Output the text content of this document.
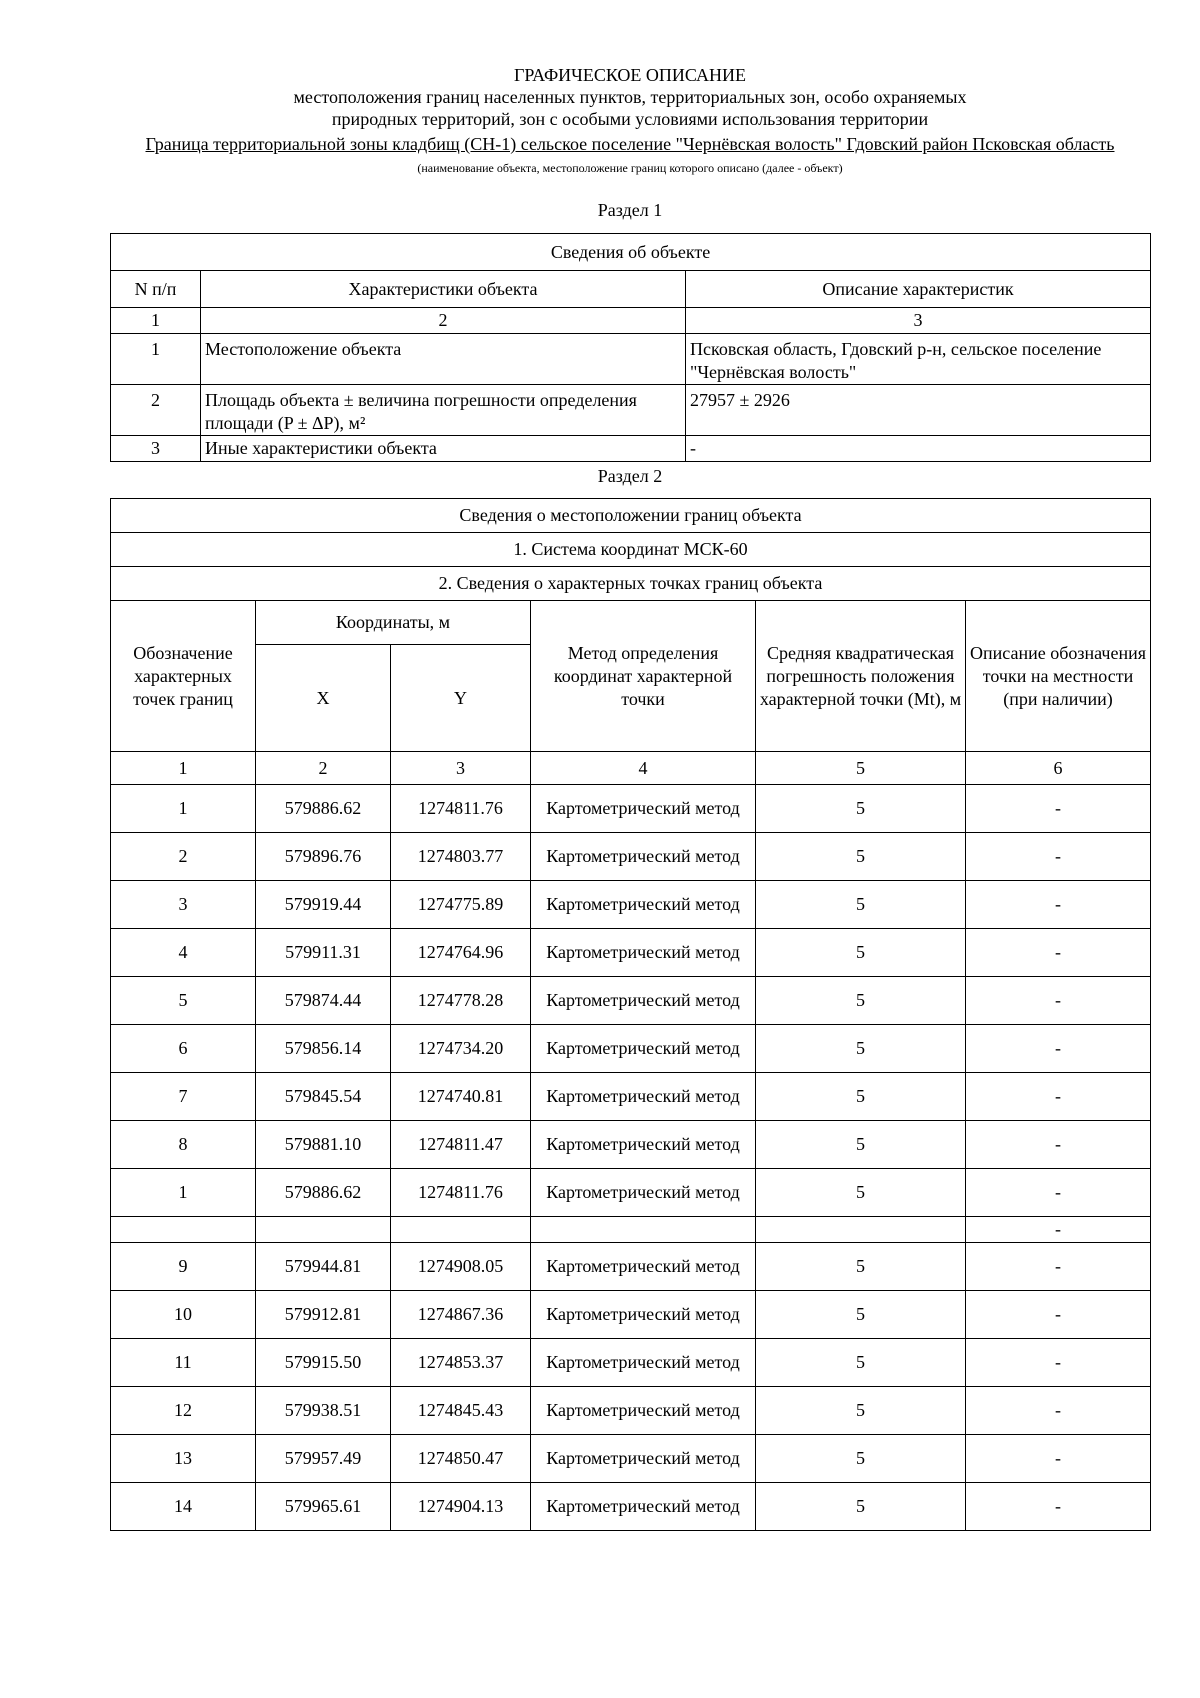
ГРАФИЧЕСКОЕ ОПИСАНИЕ
местоположения границ населенных пунктов, территориальных зон, особо охраняемых
природных территорий, зон с особыми условиями использования территории
Граница территориальной зоны кладбищ (СН-1) сельское поселение "Чернёвская волость" Гдовский район Псковская область
(наименование объекта, местоположение границ которого описано (далее - объект)
Раздел 1
Сведения об объекте		
N п/п	Характеристики объекта	Описание характеристик
1	2	3
1	Местоположение объекта	Псковская область, Гдовский р-н, сельское поселение "Чернёвская волость"
2	Площадь объекта ± величина погрешности определения площади (P ± ΔP), м²	27957 ± 2926
3	Иные характеристики объекта	-
Раздел 2
Сведения о местоположении границ объекта					
1. Система координат МСК-60					
2. Сведения о характерных точках границ объекта					
Обозначение характерных точек границ	Координаты, м		Метод определения координат характерной точки	Средняя квадратическая погрешность положения характерной точки (Mt), м	Описание обозначения точки на местности (при наличии)
	X	Y			
1	2	3	4	5	6
1	579886.62	1274811.76	Картометрический метод	5	-
2	579896.76	1274803.77	Картометрический метод	5	-
3	579919.44	1274775.89	Картометрический метод	5	-
4	579911.31	1274764.96	Картометрический метод	5	-
5	579874.44	1274778.28	Картометрический метод	5	-
6	579856.14	1274734.20	Картометрический метод	5	-
7	579845.54	1274740.81	Картометрический метод	5	-
8	579881.10	1274811.47	Картометрический метод	5	-
1	579886.62	1274811.76	Картометрический метод	5	-
					-
9	579944.81	1274908.05	Картометрический метод	5	-
10	579912.81	1274867.36	Картометрический метод	5	-
11	579915.50	1274853.37	Картометрический метод	5	-
12	579938.51	1274845.43	Картометрический метод	5	-
13	579957.49	1274850.47	Картометрический метод	5	-
14	579965.61	1274904.13	Картометрический метод	5	-
